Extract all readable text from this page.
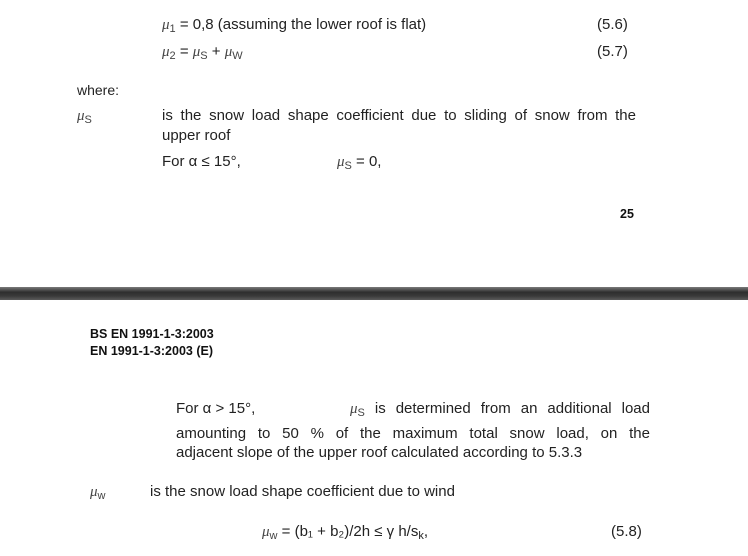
$\mu_1 = 0,8$ (assuming the lower roof is flat)	(5.6)
$\mu_2 = \mu_S + \mu_W$	(5.7)
where:
$\mu_S$	is the snow load shape coefficient due to sliding of snow from the
upper roof
For α ≤ 15°,	$\mu_S = 0$,
25
BS EN 1991-1-3:2003
EN 1991-1-3:2003 (E)
For α > 15°,	$\mu_S$ is determined from an additional load
amounting to 50 % of the maximum total snow load, on the
adjacent slope of the upper roof calculated according to 5.3.3
$\mu_w$	is the snow load shape coefficient due to wind
$\mu_w = (b_1 + b_2)/2h \le \gamma$ $h/s_k$,	(5.8)
